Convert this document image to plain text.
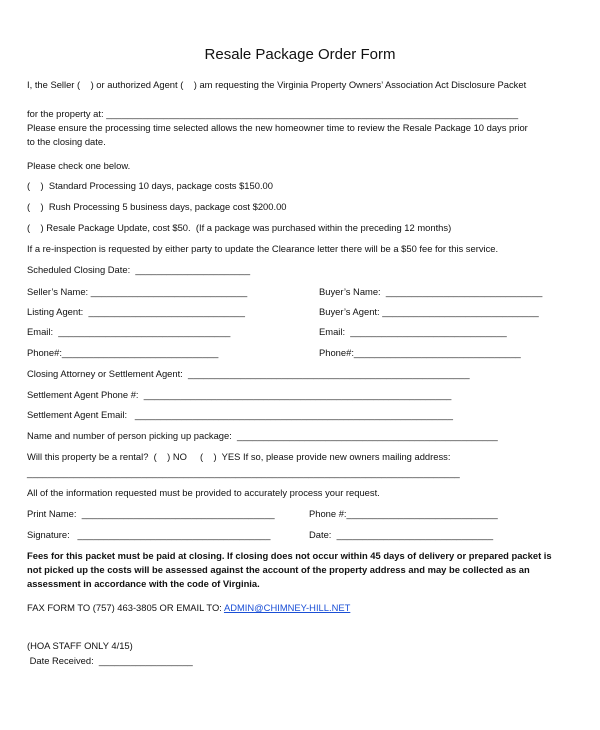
Resale Package Order Form
I, the Seller (    ) or authorized Agent (    ) am requesting the Virginia Property Owners’ Association Act Disclosure Packet
for the property at: _______________________________________________________________________________
Please ensure the processing time selected allows the new homeowner time to review the Resale Package 10 days prior
to the closing date.
Please check one below.
(    )  Standard Processing 10 days, package costs $150.00
(    )  Rush Processing 5 business days, package cost $200.00
(    ) Resale Package Update, cost $50.  (If a package was purchased within the preceding 12 months)
If a re-inspection is requested by either party to update the Clearance letter there will be a $50 fee for this service.
Scheduled Closing Date:  ______________________
Seller’s Name: ______________________________	Buyer’s Name:  ______________________________
Listing Agent:  ______________________________	Buyer’s Agent: ______________________________
Email:  _________________________________	Email:  ______________________________
Phone#:______________________________	Phone#:________________________________
Closing Attorney or Settlement Agent:  ______________________________________________________
Settlement Agent Phone #:  ___________________________________________________________
Settlement Agent Email:   _____________________________________________________________
Name and number of person picking up package:  __________________________________________________
Will this property be a rental?  (    ) NO     (    )  YES If so, please provide new owners mailing address:
___________________________________________________________________________________
All of the information requested must be provided to accurately process your request.
Print Name:  _____________________________________	Phone #:_____________________________
Signature:   _____________________________________	Date:  ______________________________
Fees for this packet must be paid at closing. If closing does not occur within 45 days of delivery or prepared packet is
not picked up the costs will be assessed against the account of the property address and may be collected as an
assessment in accordance with the code of Virginia.
FAX FORM TO (757) 463-3805 OR EMAIL TO: ADMIN@CHIMNEY-HILL.NET
(HOA STAFF ONLY 4/15)
Date Received:  __________________
